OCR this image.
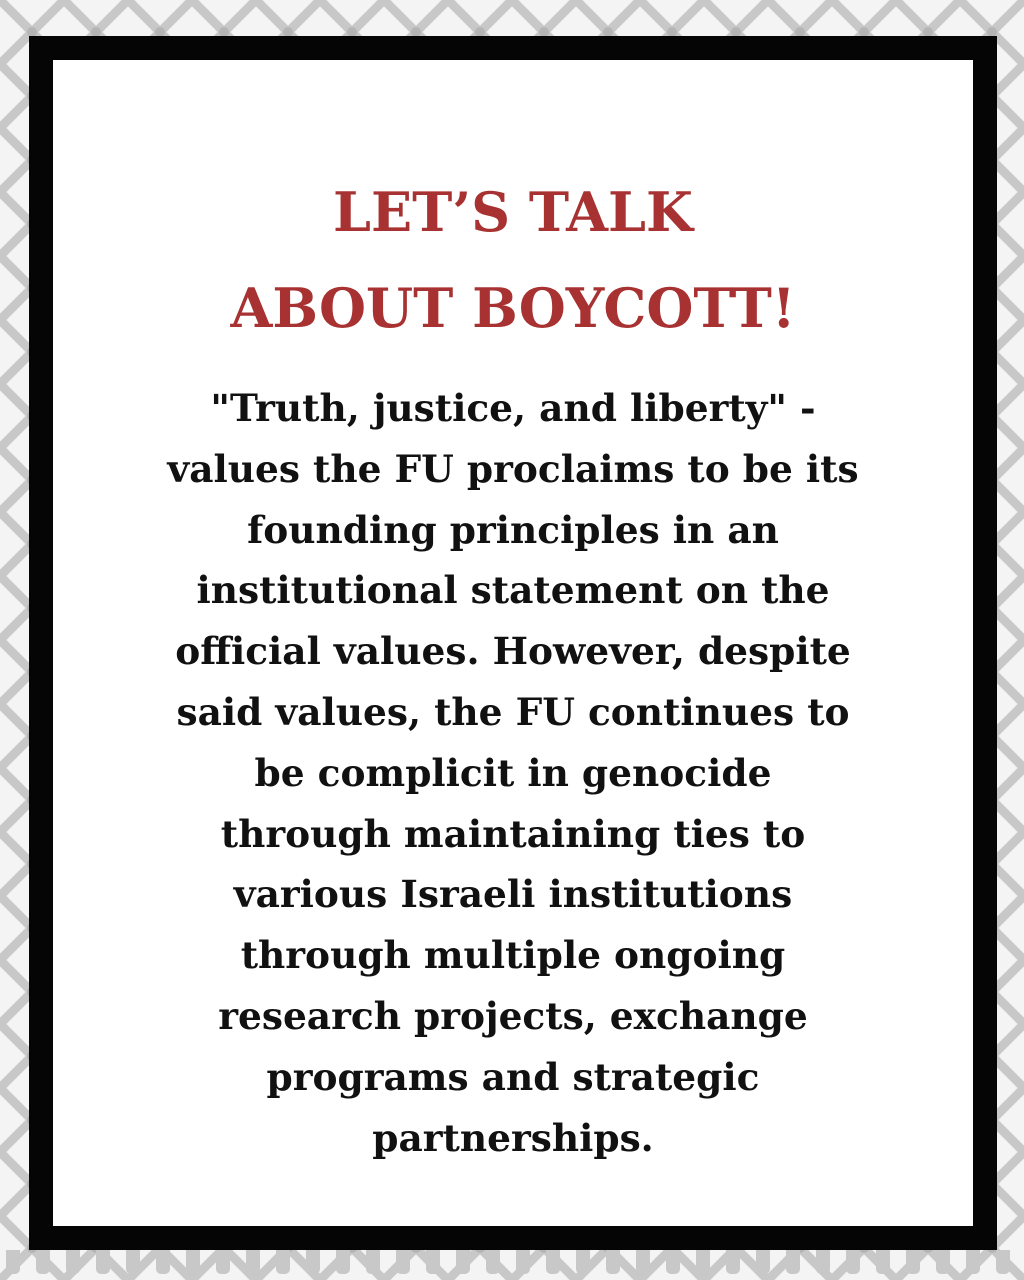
LET’S TALK
ABOUT BOYCOTT!

"Truth, justice, and liberty" -
values the FU proclaims to be its
founding principles in an
institutional statement on the
official values. However, despite
said values, the FU continues to
be complicit in genocide
through maintaining ties to
various Israeli institutions
through multiple ongoing
research projects, exchange
programs and strategic
partnerships.
